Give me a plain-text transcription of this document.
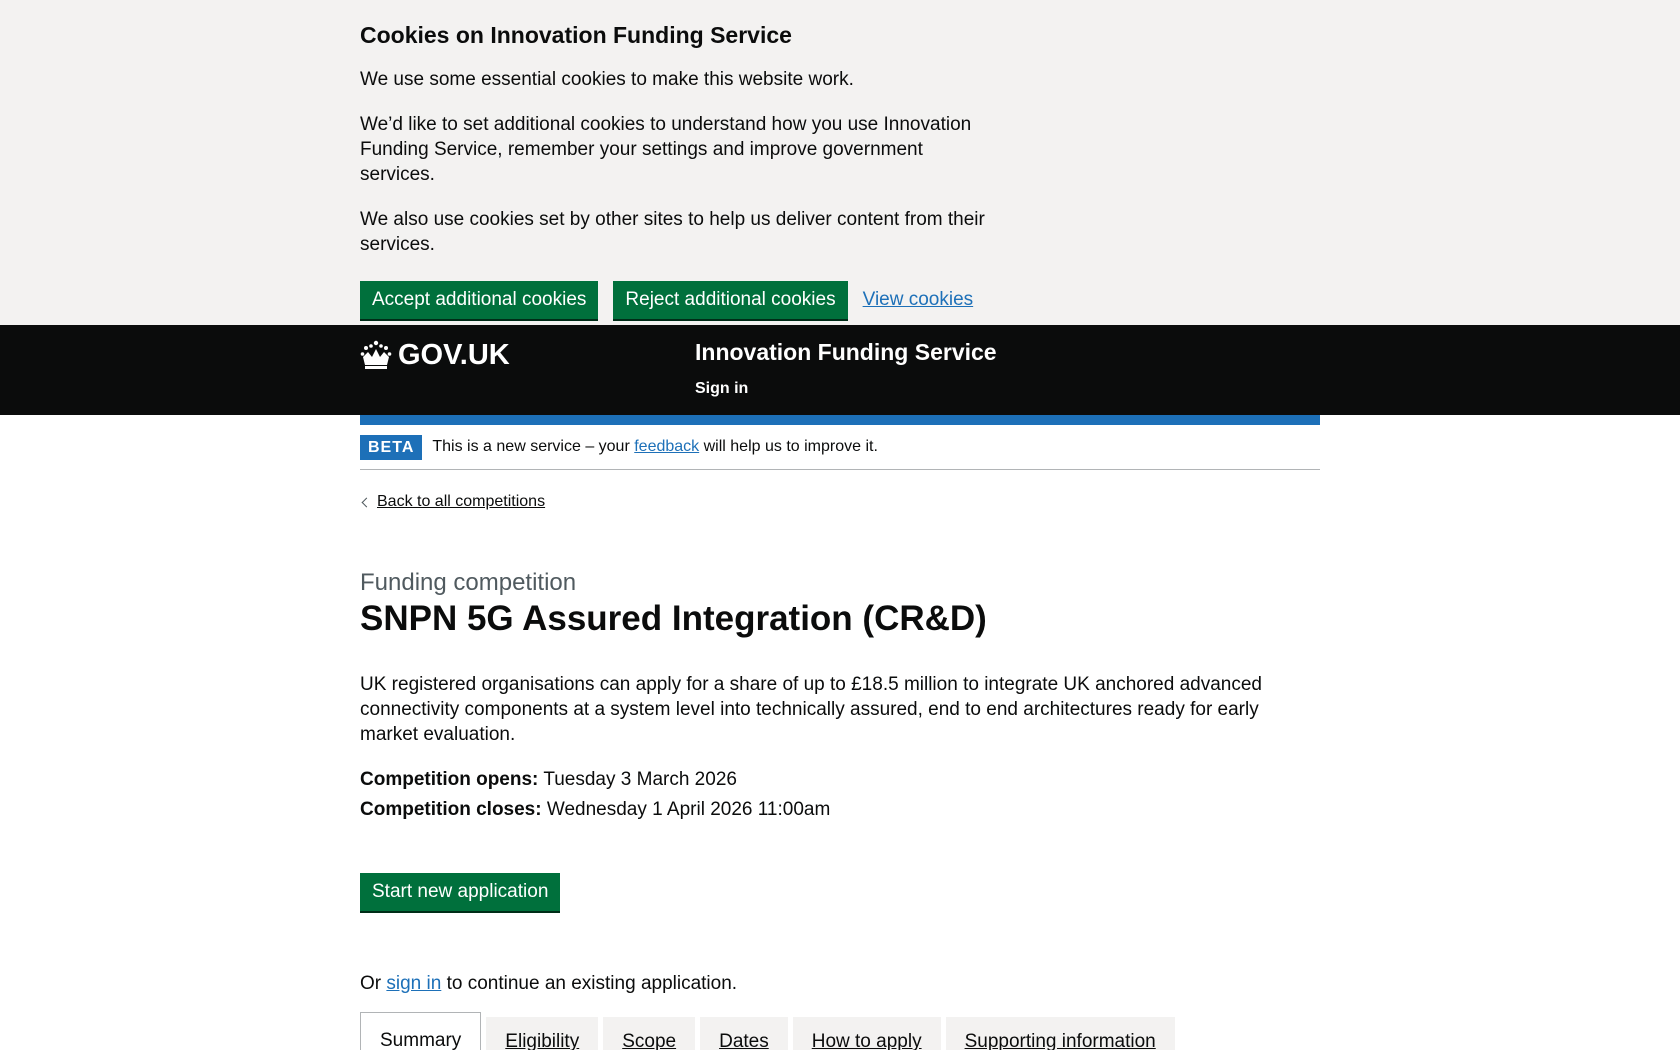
Cookies on Innovation Funding Service

We use some essential cookies to make this website work.

We’d like to set additional cookies to understand how you use Innovation Funding Service, remember your settings and improve government services.

We also use cookies set by other sites to help us deliver content from their services.

Accept additional cookies	Reject additional cookies	View cookies
GOV.UK	Innovation Funding Service
Sign in
BETA	This is a new service – your feedback will help us to improve it.
Back to all competitions
Funding competition
SNPN 5G Assured Integration (CR&D)

UK registered organisations can apply for a share of up to £18.5 million to integrate UK anchored advanced connectivity components at a system level into technically assured, end to end architectures ready for early market evaluation.

Competition opens: Tuesday 3 March 2026
Competition closes: Wednesday 1 April 2026 11:00am
Start new application

Or sign in to continue an existing application.

Summary	Eligibility	Scope	Dates	How to apply	Supporting information
